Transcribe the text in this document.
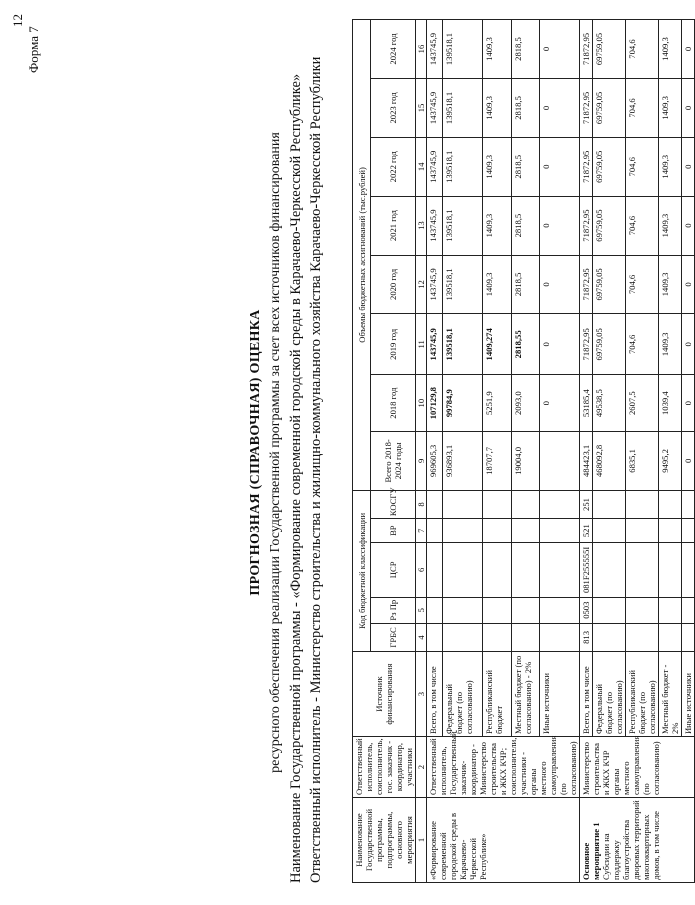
12
Форма 7
ПРОГНОЗНАЯ (СПРАВОЧНАЯ) ОЦЕНКА ресурсного обеспечения реализации Государственной программы за счет всех источников финансирования Наименование Государственной программы - «Формирование современной городской среды в Карачаево-Черкесской Республике» Ответственный исполнитель - Министерство строительства и жилищно-коммунального хозяйства Карачаево-Черкесской Республики	Наименование Государственной программы, подпрограммы, основного мероприятия	Ответственный исполнитель, соисполнитель, гос. заказчик - координатор, участники	Источник финансирования	Код бюджетной классификации					Объемы бюджетных ассигнований (тыс.рублей)							
			ГРБС	Рз Пр	ЦСР	ВР	КОСГУ	Всего 2018-2024 годы	2018 год	2019 год	2020 год	2021 год	2022 год	2023 год	2024 год

1	2	3	4	5	6	7	8	9	10	11	12	13	14	15	16
«Формирование современной городской среды в Карачаево-Черкесской Республике»	Ответственный исполнитель, Государственный заказчик-координатор - Министерство строительства и ЖКХ КЧР; соисполнители, участники - органы местного самоуправления (по согласованию)	Всего, в том числе						969605,3	107129,8	143745,9	143745,9	143745,9	143745,9	143745,9	143745,9
		Федеральный бюджет (по согласованию)						936893,1	99784,9	139518,1	139518,1	139518,1	139518,1	139518,1	139518,1
		Республиканский бюджет						18707,7	5251,9	1409,274	1409,3	1409,3	1409,3	1409,3	1409,3
		Местный бюджет (по согласованию) - 2%						19004,0	2093,0	2818,55	2818,5	2818,5	2818,5	2818,5	2818,5
		Иные источники							0	0	0	0	0	0	0

Основное мероприятие 1 Субсидии на поддержку благоустройства дворовых территорий многоквартирных домов, в том числе	Министерство строительства и ЖКХ КЧР органы местного самоуправления (по согласованию)	Всего, в том числе	813	0503	081F255555I	521	251	484423,1	53185,4	71872,95	71872,95	71872,95	71872,95	71872,95	71872,95
		Федеральный бюджет (по согласованию)						468092,8	49538,5	69759,05	69759,05	69759,05	69759,05	69759,05	69759,05
		Республиканский бюджет (по согласованию)						6835,1	2607,5	704,6	704,6	704,6	704,6	704,6	704,6
		Местный бюджет - 2%						9495,2	1039,4	1409,3	1409,3	1409,3	1409,3	1409,3	1409,3
		Иные источники						0	0	0	0	0	0	0	0
